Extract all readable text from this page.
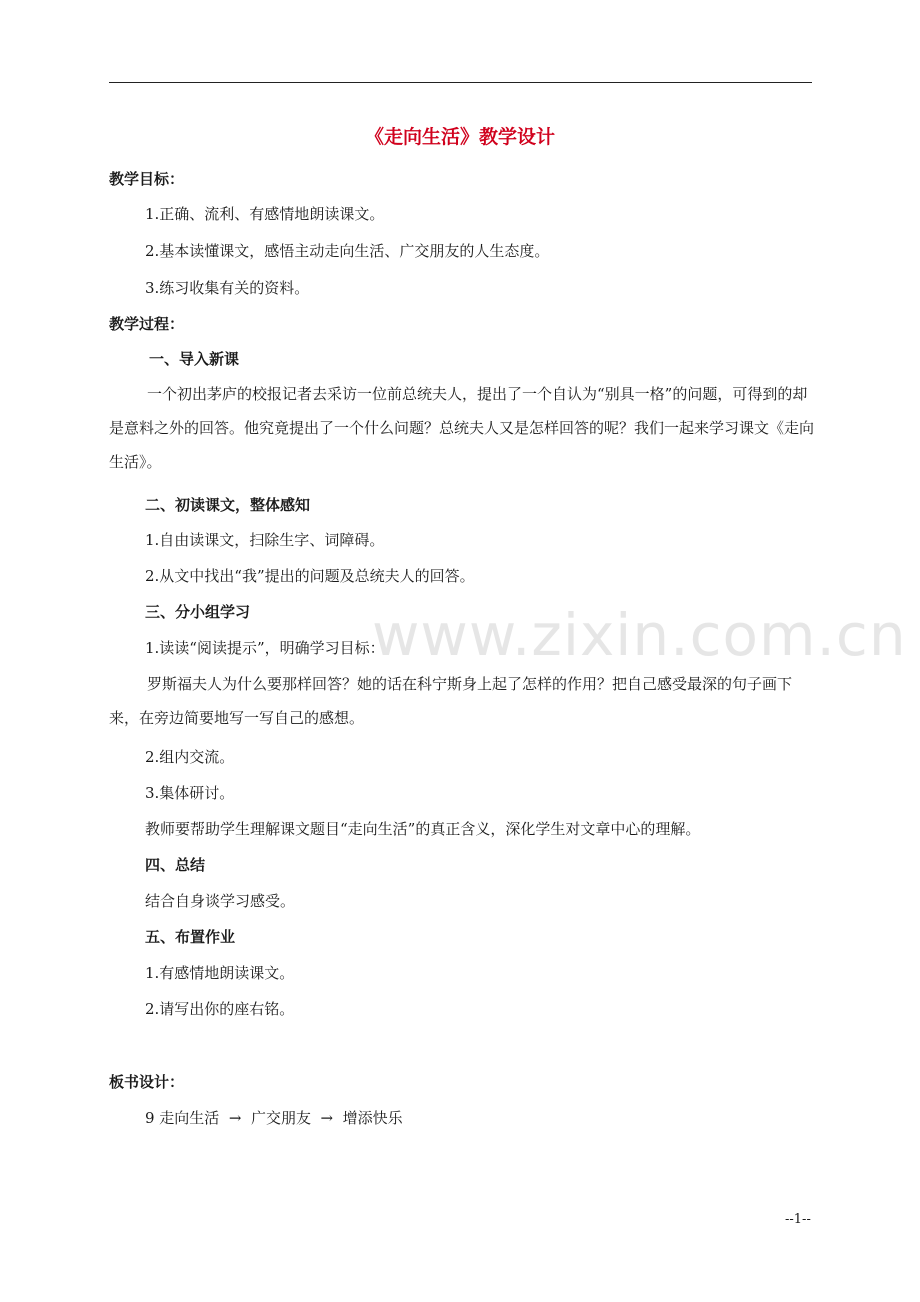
www.zixin.com.cn
《走向生活》教学设计
教学目标：
1.正确、流利、有感情地朗读课文。
2.基本读懂课文，感悟主动走向生活、广交朋友的人生态度。
3.练习收集有关的资料。
教学过程：
一、导入新课
一个初出茅庐的校报记者去采访一位前总统夫人，提出了一个自认为“别具一格”的问题，可得到的却是意料之外的回答。他究竟提出了一个什么问题？总统夫人又是怎样回答的呢？我们一起来学习课文《走向生活》。
二、初读课文，整体感知
1.自由读课文，扫除生字、词障碍。
2.从文中找出“我”提出的问题及总统夫人的回答。
三、分小组学习
1.读读“阅读提示”，明确学习目标：
罗斯福夫人为什么要那样回答？她的话在科宁斯身上起了怎样的作用？把自己感受最深的句子画下来，在旁边简要地写一写自己的感想。
2.组内交流。
3.集体研讨。
教师要帮助学生理解课文题目“走向生活”的真正含义，深化学生对文章中心的理解。
四、总结
结合自身谈学习感受。
五、布置作业
1.有感情地朗读课文。
2.请写出你的座右铭。
板书设计：
9 走向生活  →  广交朋友  →  增添快乐
--1--
